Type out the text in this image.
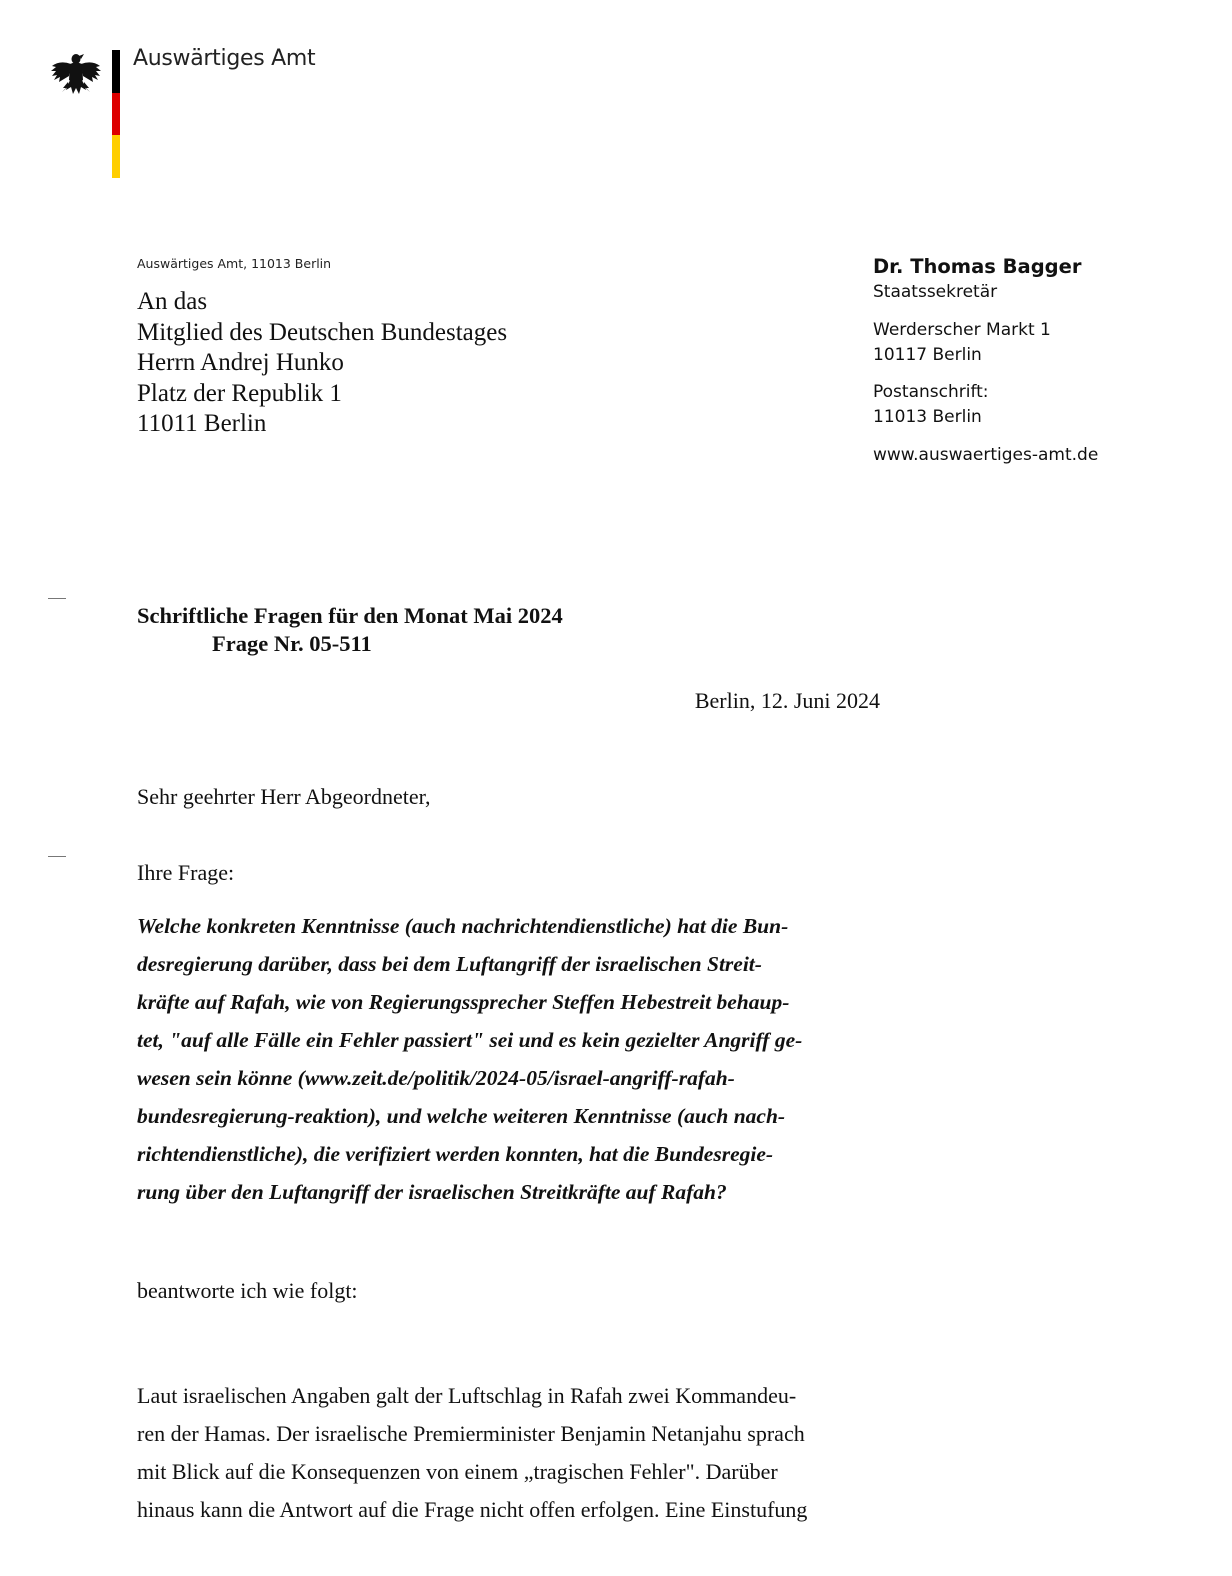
Auswärtiges Amt
Auswärtiges Amt, 11013 Berlin
An das
Mitglied des Deutschen Bundestages
Herrn Andrej Hunko
Platz der Republik 1
11011 Berlin
Dr. Thomas Bagger
Staatssekretär
Werderscher Markt 1
10117 Berlin
Postanschrift:
11013 Berlin
www.auswaertiges-amt.de
Schriftliche Fragen für den Monat Mai 2024
Frage Nr. 05-511
Berlin, 12. Juni 2024
Sehr geehrter Herr Abgeordneter,
Ihre Frage:
Welche konkreten Kenntnisse (auch nachrichtendienstliche) hat die Bun-
desregierung darüber, dass bei dem Luftangriff der israelischen Streit-
kräfte auf Rafah, wie von Regierungssprecher Steffen Hebestreit behaup-
tet, "auf alle Fälle ein Fehler passiert" sei und es kein gezielter Angriff ge-
wesen sein könne (www.zeit.de/politik/2024-05/israel-angriff-rafah-
bundesregierung-reaktion), und welche weiteren Kenntnisse (auch nach-
richtendienstliche), die verifiziert werden konnten, hat die Bundesregie-
rung über den Luftangriff der israelischen Streitkräfte auf Rafah?
beantworte ich wie folgt:
Laut israelischen Angaben galt der Luftschlag in Rafah zwei Kommandeu-
ren der Hamas. Der israelische Premierminister Benjamin Netanjahu sprach
mit Blick auf die Konsequenzen von einem „tragischen Fehler". Darüber
hinaus kann die Antwort auf die Frage nicht offen erfolgen. Eine Einstufung
